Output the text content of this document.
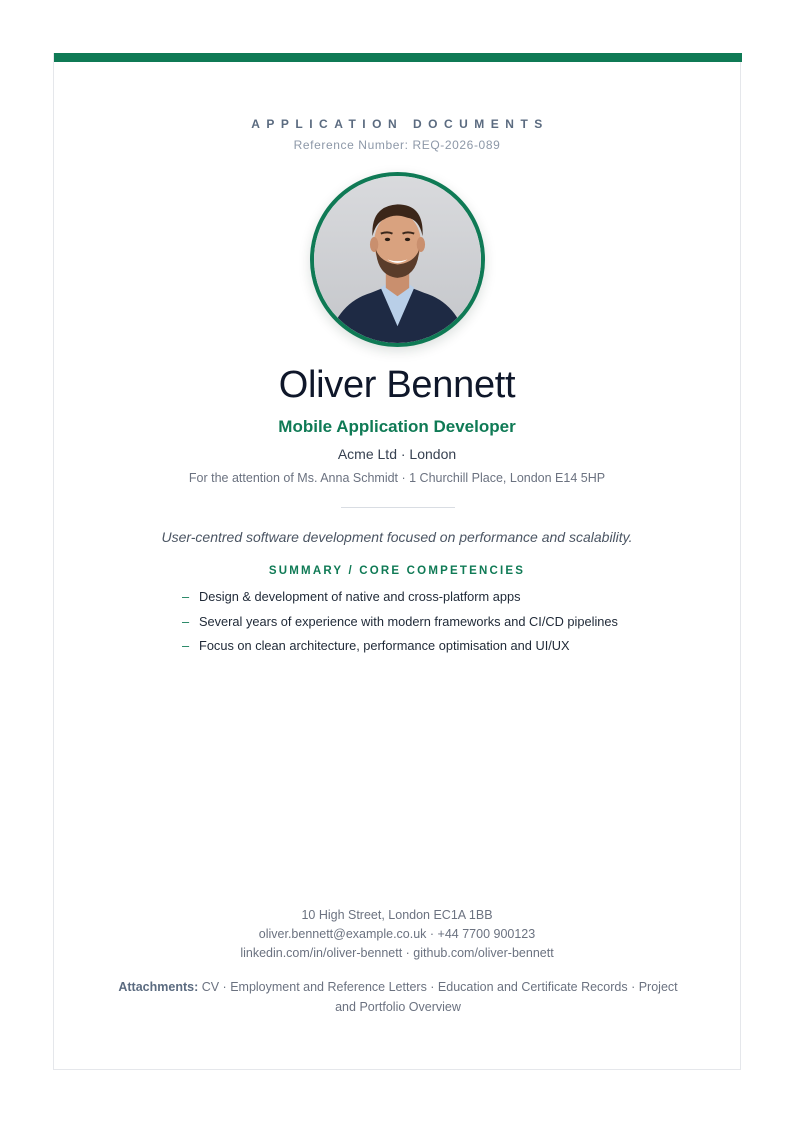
APPLICATION DOCUMENTS
Reference Number: REQ-2026-089
Oliver Bennett
Mobile Application Developer
Acme Ltd · London
For the attention of Ms. Anna Schmidt · 1 Churchill Place, London E14 5HP
User-centred software development focused on performance and scalability.
SUMMARY / CORE COMPETENCIES
– Design & development of native and cross-platform apps
– Several years of experience with modern frameworks and CI/CD pipelines
– Focus on clean architecture, performance optimisation and UI/UX
10 High Street, London EC1A 1BB
oliver.bennett@example.co.uk · +44 7700 900123
linkedin.com/in/oliver-bennett · github.com/oliver-bennett
Attachments: CV · Employment and Reference Letters · Education and Certificate Records · Project and Portfolio Overview
